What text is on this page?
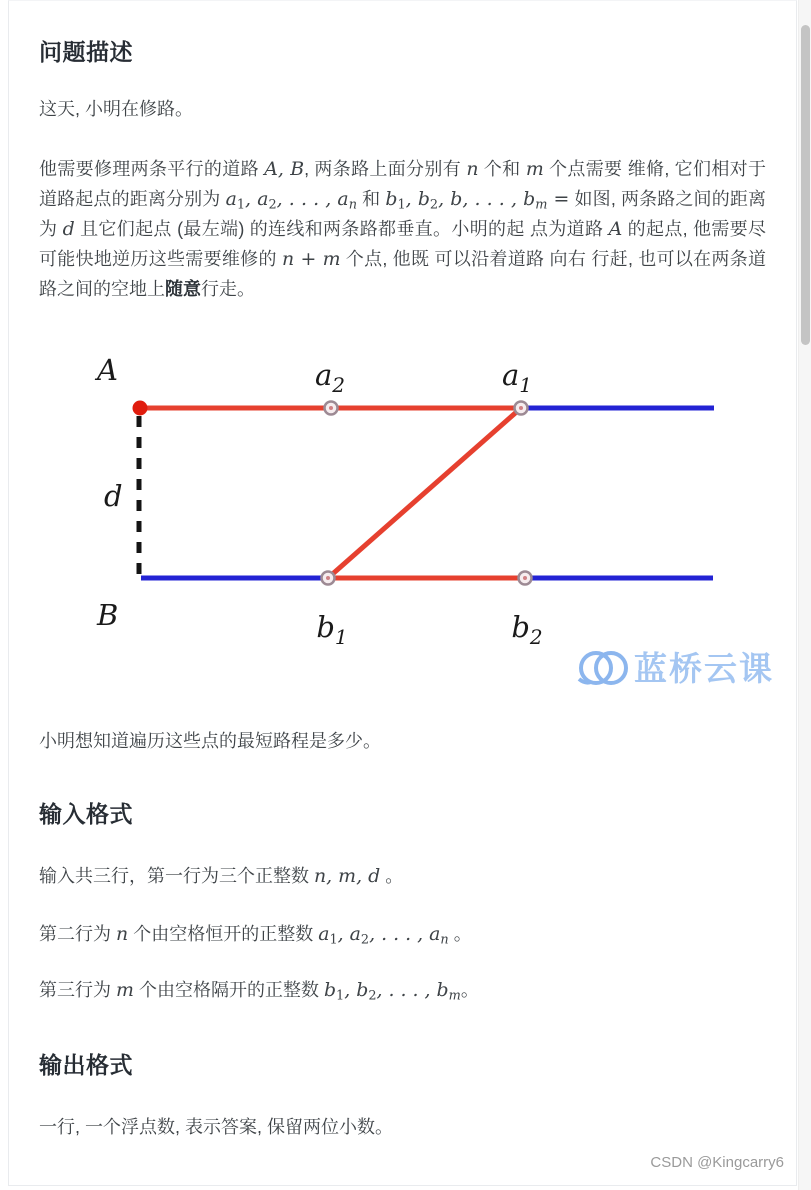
问题描述

这天, 小明在修路。

他需要修理两条平行的道路 A, B, 两条路上面分别有 n 个和 m 个点需要 维脩, 它们相对于道路起点的距离分别为 $a_1$, $a_2$, . . . , $a_n$ 和 $b_1$, $b_2$, b, . . . , $b_m$ = 如图, 两条路之间的距离为 d 且它们起点 (最左端) 的连线和两条路都垂直。小明的起 点为道路 A 的起点, 他需要尽可能快地逆历这些需要维修的 n + m 个点, 他既 可以沿着道路 向右 行赶, 也可以在两条道路之间的空地上随意行走。

A	$a_2$	$a_1$
d
B	$b_1$	$b_2$
蓝桥云课

小明想知道遍历这些点的最短路程是多少。

输入格式

输入共三行，第一行为三个正整数 n, m, d 。

第二行为 n 个由空格恒开的正整数 $a_1$, $a_2$, . . . , $a_n$ 。

第三行为 m 个由空格隔开的正整数 $b_1$, $b_2$, . . . , $b_m$。

输出格式

一行, 一个浮点数, 表示答案, 保留两位小数。

CSDN @Kingcarry6
